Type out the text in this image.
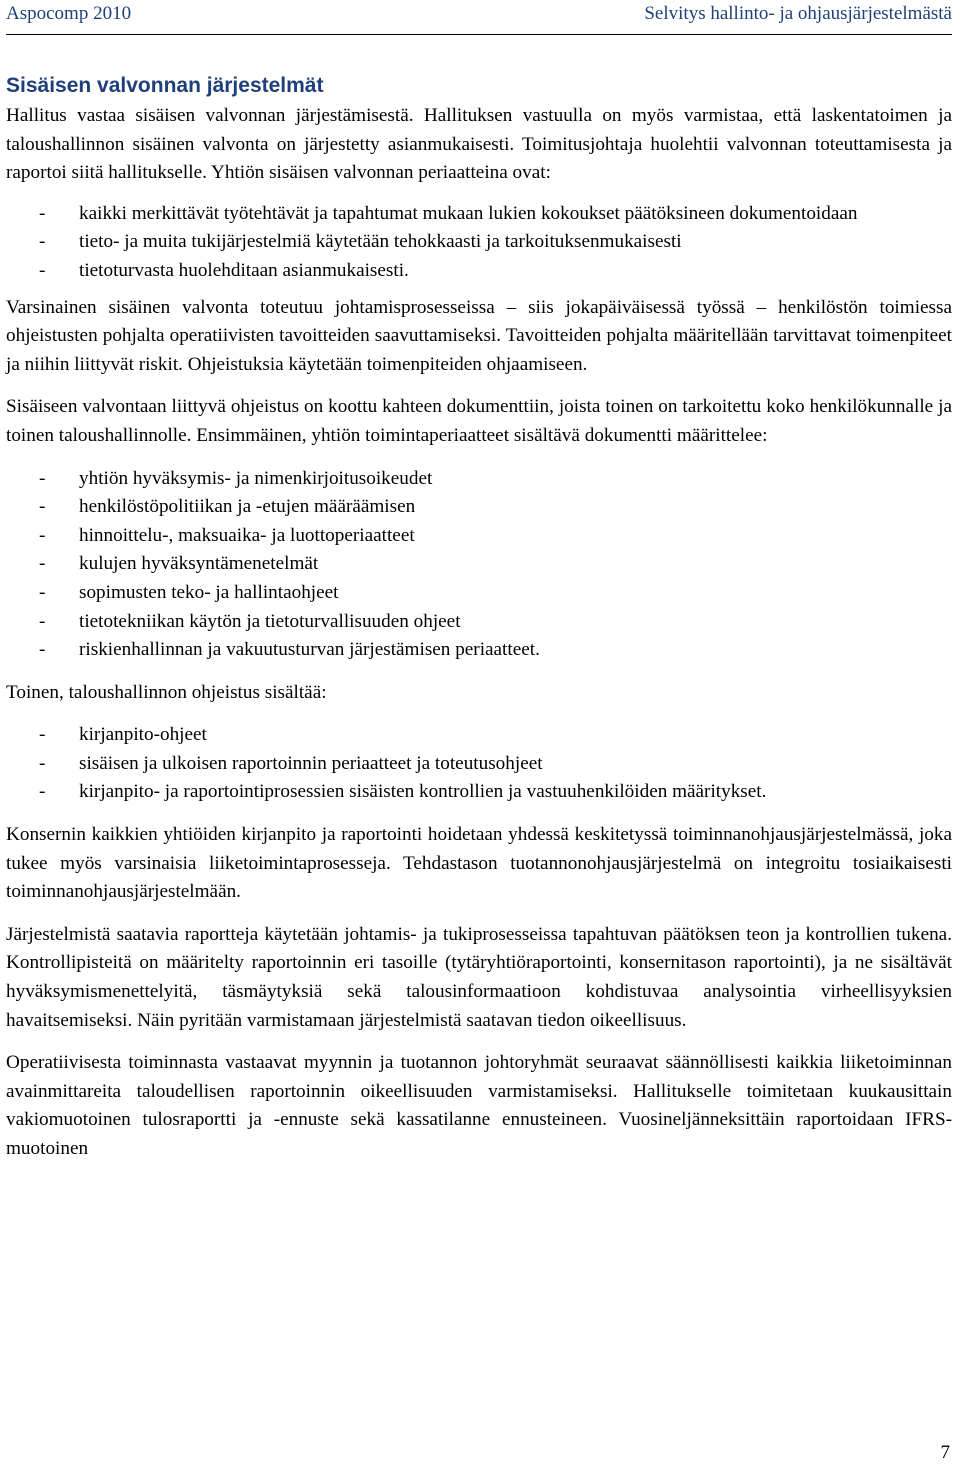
Aspocomp 2010	Selvitys hallinto- ja ohjausjärjestelmästä
Sisäisen valvonnan järjestelmät

Hallitus vastaa sisäisen valvonnan järjestämisestä. Hallituksen vastuulla on myös varmistaa, että laskentatoimen ja taloushallinnon sisäinen valvonta on järjestetty asianmukaisesti. Toimitusjohtaja huolehtii valvonnan toteuttamisesta ja raportoi siitä hallitukselle. Yhtiön sisäisen valvonnan periaatteina ovat:

- kaikki merkittävät työtehtävät ja tapahtumat mukaan lukien kokoukset päätöksineen dokumentoidaan
- tieto- ja muita tukijärjestelmiä käytetään tehokkaasti ja tarkoituksenmukaisesti
- tietoturvasta huolehditaan asianmukaisesti.

Varsinainen sisäinen valvonta toteutuu johtamisprosesseissa – siis jokapäiväisessä työssä – henkilöstön toimiessa ohjeistusten pohjalta operatiivisten tavoitteiden saavuttamiseksi. Tavoitteiden pohjalta määritellään tarvittavat toimenpiteet ja niihin liittyvät riskit. Ohjeistuksia käytetään toimenpiteiden ohjaamiseen.

Sisäiseen valvontaan liittyvä ohjeistus on koottu kahteen dokumenttiin, joista toinen on tarkoitettu koko henkilökunnalle ja toinen taloushallinnolle. Ensimmäinen, yhtiön toimintaperiaatteet sisältävä dokumentti määrittelee:

- yhtiön hyväksymis- ja nimenkirjoitusoikeudet
- henkilöstöpolitiikan ja -etujen määräämisen
- hinnoittelu-, maksuaika- ja luottoperiaatteet
- kulujen hyväksyntämenetelmät
- sopimusten teko- ja hallintaohjeet
- tietotekniikan käytön ja tietoturvallisuuden ohjeet
- riskienhallinnan ja vakuutusturvan järjestämisen periaatteet.

Toinen, taloushallinnon ohjeistus sisältää:

- kirjanpito-ohjeet
- sisäisen ja ulkoisen raportoinnin periaatteet ja toteutusohjeet
- kirjanpito- ja raportointiprosessien sisäisten kontrollien ja vastuuhenkilöiden määritykset.

Konsernin kaikkien yhtiöiden kirjanpito ja raportointi hoidetaan yhdessä keskitetyssä toiminnanohjausjärjestelmässä, joka tukee myös varsinaisia liiketoimintaprosesseja. Tehdastason tuotannonohjausjärjestelmä on integroitu tosiaikaisesti toiminnanohjausjärjestelmään.

Järjestelmistä saatavia raportteja käytetään johtamis- ja tukiprosesseissa tapahtuvan päätöksen teon ja kontrollien tukena. Kontrollipisteitä on määritelty raportoinnin eri tasoille (tytäryhtiöraportointi, konsernitason raportointi), ja ne sisältävät hyväksymismenettelyitä, täsmäytyksiä sekä talousinformaatioon kohdistuvaa analysointia virheellisyyksien havaitsemiseksi. Näin pyritään varmistamaan järjestelmistä saatavan tiedon oikeellisuus.

Operatiivisesta toiminnasta vastaavat myynnin ja tuotannon johtoryhmät seuraavat säännöllisesti kaikkia liiketoiminnan avainmittareita taloudellisen raportoinnin oikeellisuuden varmistamiseksi. Hallitukselle toimitetaan kuukausittain vakiomuotoinen tulosraportti ja -ennuste sekä kassatilanne ennusteineen. Vuosineljänneksittäin raportoidaan IFRS-muotoinen

7
